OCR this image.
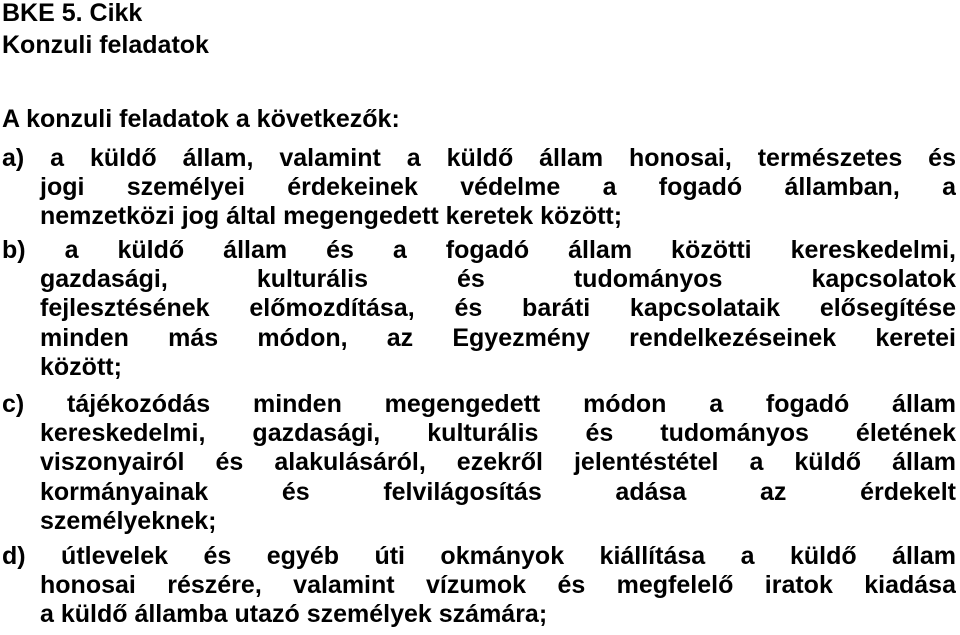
BKE 5. Cikk
Konzuli feladatok
A konzuli feladatok a következők:
a) a küldő állam, valamint a küldő állam honosai, természetes és
jogi személyei érdekeinek védelme a fogadó államban, a
nemzetközi jog által megengedett keretek között;
b) a küldő állam és a fogadó állam közötti kereskedelmi,
gazdasági, kulturális és tudományos kapcsolatok
fejlesztésének előmozdítása, és baráti kapcsolataik elősegítése
minden más módon, az Egyezmény rendelkezéseinek keretei
között;
c) tájékozódás minden megengedett módon a fogadó állam
kereskedelmi, gazdasági, kulturális és tudományos életének
viszonyairól és alakulásáról, ezekről jelentéstétel a küldő állam
kormányainak és felvilágosítás adása az érdekelt
személyeknek;
d) útlevelek és egyéb úti okmányok kiállítása a küldő állam
honosai részére, valamint vízumok és megfelelő iratok kiadása
a küldő államba utazó személyek számára;
